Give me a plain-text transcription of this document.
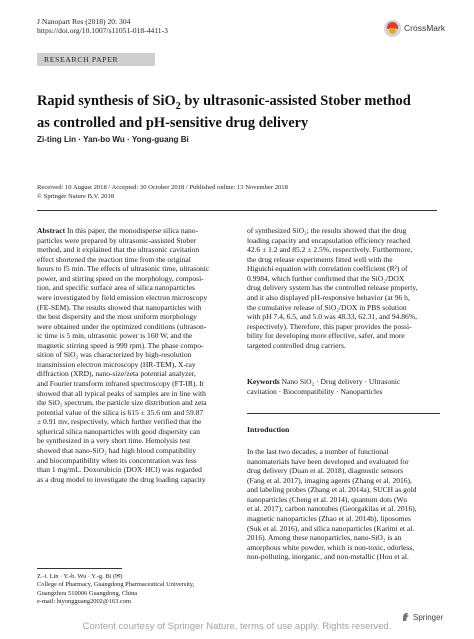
J Nanopart Res (2018) 20: 304
https://doi.org/10.1007/s11051-018-4411-3	CrossMark
RESEARCH PAPER
Rapid synthesis of SiO$_2$ by ultrasonic-assisted Stober method
as controlled and pH-sensitive drug delivery
Zi-ting Lin · Yan-bo Wu · Yong-guang Bi
Received: 10 August 2018 / Accepted: 30 October 2018 / Published online: 13 November 2018
© Springer Nature B.V. 2018

Abstract In this paper, the monodisperse silica nano-

particles were prepared by ultrasonic-assisted Stober

method, and it explained that the ultrasonic cavitation

effect shortened the reaction time from the original

hours to f5 min. The effects of ultrasonic time, ultrasonic

power, and stirring speed on the morphology, composi-

tion, and specific surface area of silica nanoparticles

were investigated by field emission electron microscopy

(FE-SEM). The results showed that nanoparticles with

the best dispersity and the most uniform morphology

were obtained under the optimized conditions (ultrason-

ic time is 5 min, ultrasonic power is 160 W, and the

magnetic stirring speed is 999 rpm). The phase compo-

sition of SiO₂ was characterized by high-resolution

transmission electron microscopy (HR-TEM), X-ray

diffraction (XRD), nano-size/zeta potential analyzer,

and Fourier transform infrared spectroscopy (FT-IR). It

showed that all typical peaks of samples are in line with

the SiO₂ spectrum, the particle size distribution and zeta

potential value of the silica is 615 ± 35.6 nm and 59.87

± 0.91 mv, respectively, which further verified that the

spherical silica nanoparticles with good dispersity can

be synthesized in a very short time. Hemolysis test

showed that nano-SiO₂ had high blood compatibility

and biocompatibility when its concentration was less

than 1 mg/mL. Doxorubicin (DOX·HCl) was regarded

as a drug model to investigate the drug loading capacity

of synthesized SiO₂; the results showed that the drug

loading capacity and encapsulation efficiency reached

42.6 ± 1.2 and 85.2 ± 2.5%, respectively. Furthermore,

the drug release experiments fitted well with the

Higuichi equation with correlation coefficient (R²) of

0.9984, which further confirmed that the SiO₂/DOX

drug delivery system has the controlled release property,

and it also displayed pH-responsive behavior (at 96 h,

the cumulative release of SiO₂/DOX in PBS solution

with pH 7.4, 6.5, and 5.0 was 48.33, 62.31, and 94.86%,

respectively). Therefore, this paper provides the possi-

bility for developing more effective, safer, and more

targeted controlled drug carriers.

Keywords Nano SiO₂ · Drug delivery · Ultrasonic

cavitation · Biocompatibility · Nanoparticles

Introduction

In the last two decades, a number of functional

nanomaterials have been developed and evaluated for

drug delivery (Duan et al. 2018), diagnostic sensors

(Fang et al. 2017), imaging agents (Zhang et al. 2016),

and labeling probes (Zhang et al. 2014a), SUCH as gold

nanoparticles (Cheng et al. 2014), quantum dots (Wu

et al. 2017), carbon nanotubes (Georgakilas et al. 2016),

magnetic nanoparticles (Zhao et al. 2014b), liposomes

(Suk et al. 2016), and silica nanoparticles (Karimi et al.

2016). Among these nanoparticles, nano-SiO₂ is an

amorphous white powder, which is non-toxic, odorless,

non-polluting, inorganic, and non-metallic (Hou et al.

Z.-t. Lin · Y.-b. Wu · Y.-g. Bi (✉)
College of Pharmacy, Guangdong Pharmaceutical University,
Guangzhou 510006 Guangdong, China
e-mail: biyongguang2002@163.com
Springer
Content courtesy of Springer Nature, terms of use apply. Rights reserved.
